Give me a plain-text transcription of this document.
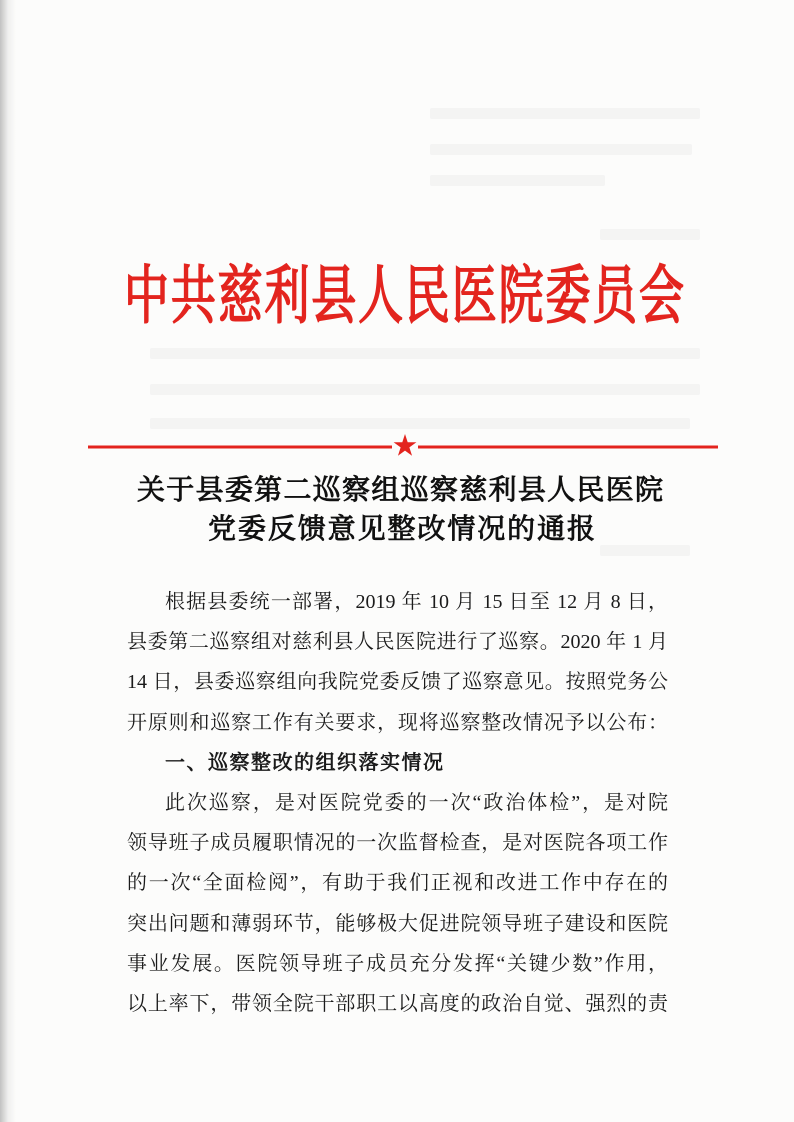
中共慈利县人民医院委员会
关于县委第二巡察组巡察慈利县人民医院
党委反馈意见整改情况的通报
根据县委统一部署，2019 年 10 月 15 日至 12 月 8 日，
县委第二巡察组对慈利县人民医院进行了巡察。2020 年 1 月
14 日，县委巡察组向我院党委反馈了巡察意见。按照党务公
开原则和巡察工作有关要求，现将巡察整改情况予以公布：
一、巡察整改的组织落实情况
此次巡察，是对医院党委的一次“政治体检”，是对院
领导班子成员履职情况的一次监督检查，是对医院各项工作
的一次“全面检阅”，有助于我们正视和改进工作中存在的
突出问题和薄弱环节，能够极大促进院领导班子建设和医院
事业发展。医院领导班子成员充分发挥“关键少数”作用，
以上率下，带领全院干部职工以高度的政治自觉、强烈的责
